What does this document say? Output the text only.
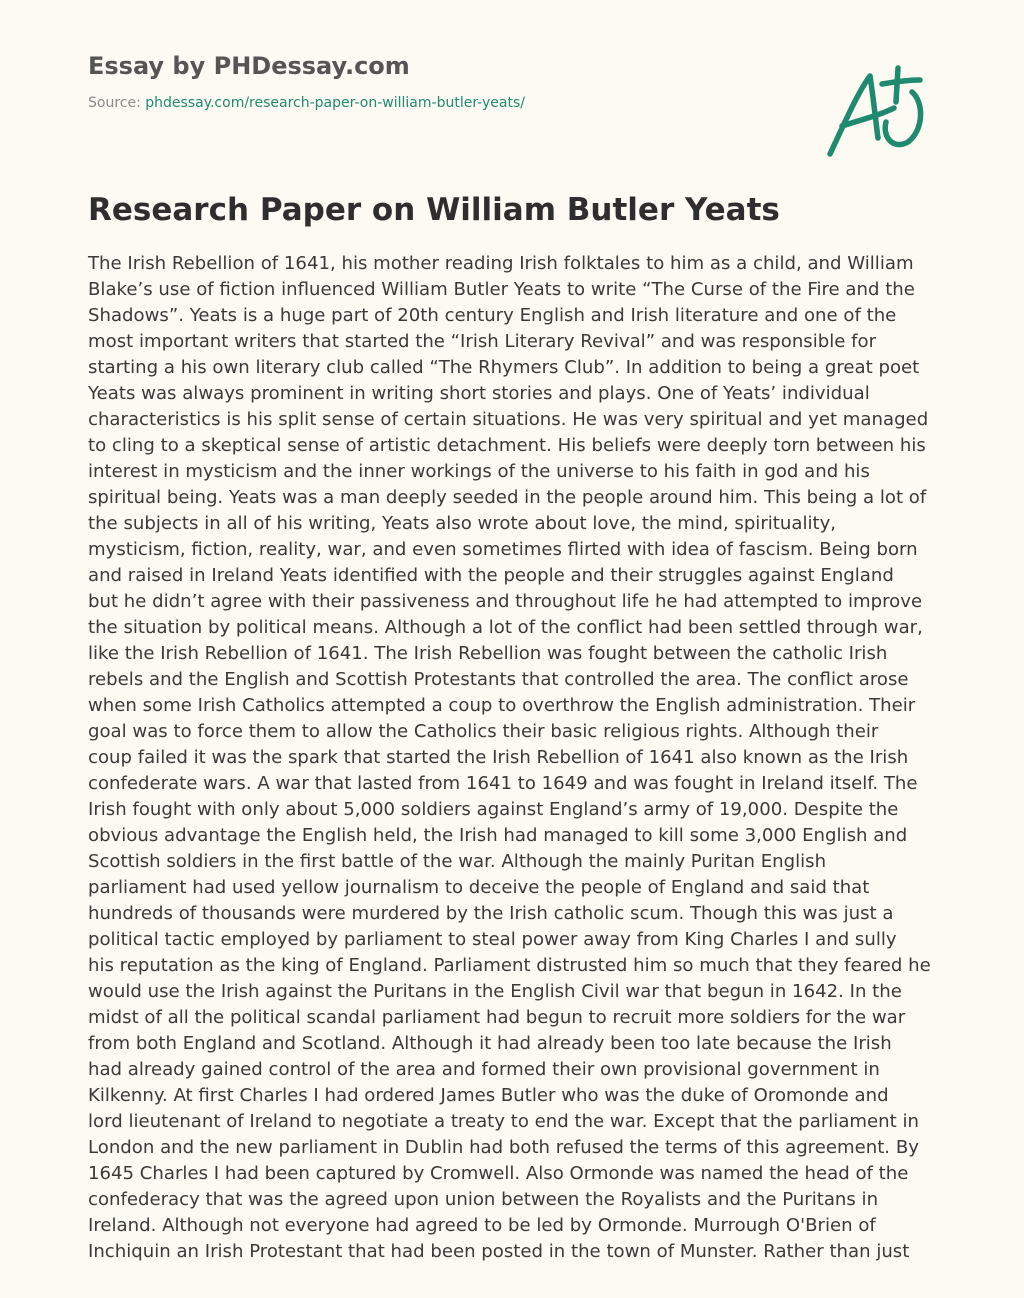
Essay by PHDessay.com
Source: phdessay.com/research-paper-on-william-butler-yeats/
Research Paper on William Butler Yeats

The Irish Rebellion of 1641, his mother reading Irish folktales to him as a child, and William
Blake’s use of fiction influenced William Butler Yeats to write “The Curse of the Fire and the
Shadows”. Yeats is a huge part of 20th century English and Irish literature and one of the
most important writers that started the “Irish Literary Revival” and was responsible for
starting a his own literary club called “The Rhymers Club”. In addition to being a great poet
Yeats was always prominent in writing short stories and plays. One of Yeats’ individual
characteristics is his split sense of certain situations. He was very spiritual and yet managed
to cling to a skeptical sense of artistic detachment. His beliefs were deeply torn between his
interest in mysticism and the inner workings of the universe to his faith in god and his
spiritual being. Yeats was a man deeply seeded in the people around him. This being a lot of
the subjects in all of his writing, Yeats also wrote about love, the mind, spirituality,
mysticism, fiction, reality, war, and even sometimes flirted with idea of fascism. Being born
and raised in Ireland Yeats identified with the people and their struggles against England
but he didn’t agree with their passiveness and throughout life he had attempted to improve
the situation by political means. Although a lot of the conflict had been settled through war,
like the Irish Rebellion of 1641. The Irish Rebellion was fought between the catholic Irish
rebels and the English and Scottish Protestants that controlled the area. The conflict arose
when some Irish Catholics attempted a coup to overthrow the English administration. Their
goal was to force them to allow the Catholics their basic religious rights. Although their
coup failed it was the spark that started the Irish Rebellion of 1641 also known as the Irish
confederate wars. A war that lasted from 1641 to 1649 and was fought in Ireland itself. The
Irish fought with only about 5,000 soldiers against England’s army of 19,000. Despite the
obvious advantage the English held, the Irish had managed to kill some 3,000 English and
Scottish soldiers in the first battle of the war. Although the mainly Puritan English
parliament had used yellow journalism to deceive the people of England and said that
hundreds of thousands were murdered by the Irish catholic scum. Though this was just a
political tactic employed by parliament to steal power away from King Charles I and sully
his reputation as the king of England. Parliament distrusted him so much that they feared he
would use the Irish against the Puritans in the English Civil war that begun in 1642. In the
midst of all the political scandal parliament had begun to recruit more soldiers for the war
from both England and Scotland. Although it had already been too late because the Irish
had already gained control of the area and formed their own provisional government in
Kilkenny. At first Charles I had ordered James Butler who was the duke of Oromonde and
lord lieutenant of Ireland to negotiate a treaty to end the war. Except that the parliament in
London and the new parliament in Dublin had both refused the terms of this agreement. By
1645 Charles I had been captured by Cromwell. Also Ormonde was named the head of the
confederacy that was the agreed upon union between the Royalists and the Puritans in
Ireland. Although not everyone had agreed to be led by Ormonde. Murrough O'Brien of
Inchiquin an Irish Protestant that had been posted in the town of Munster. Rather than just
